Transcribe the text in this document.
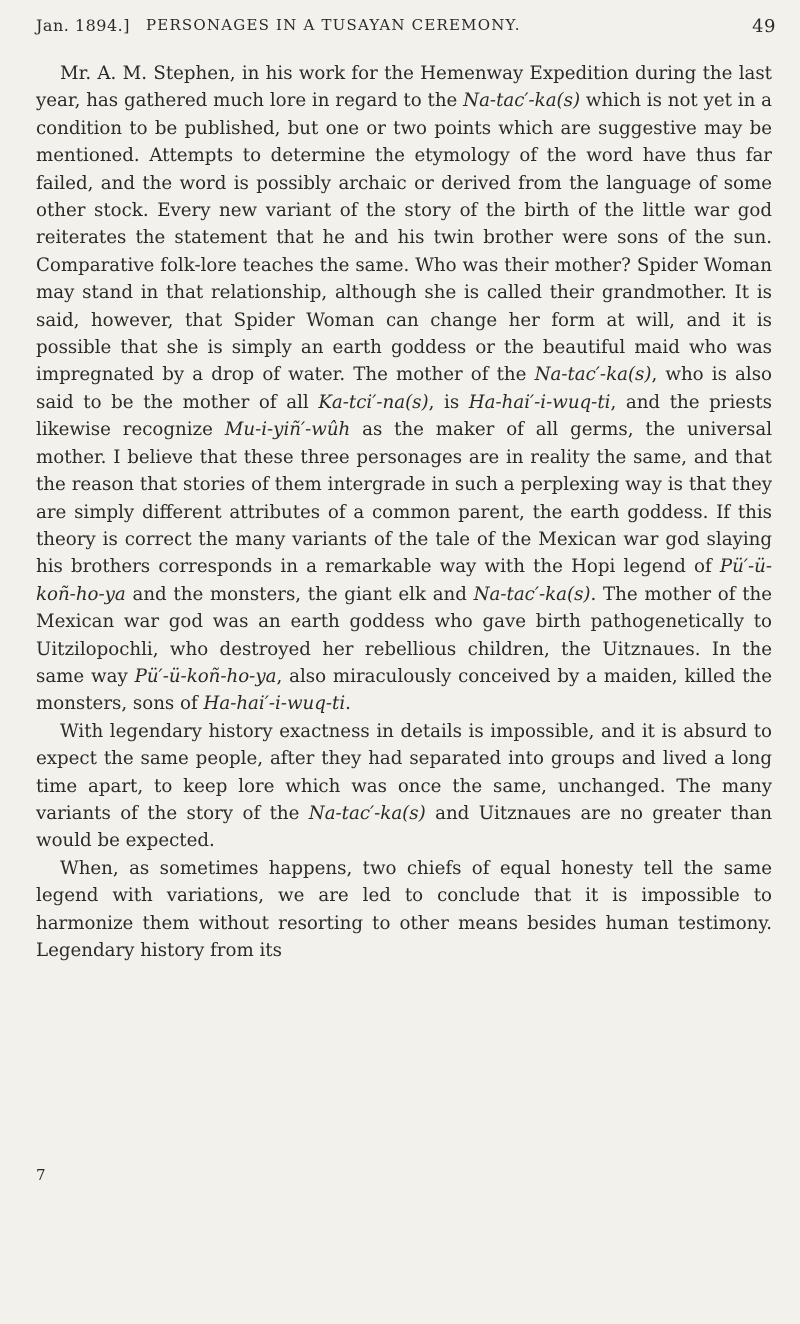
Jan. 1894.] PERSONAGES IN A TUSAYAN CEREMONY.	49

Mr. A. M. Stephen, in his work for the Hemenway Expedition during the last year, has gathered much lore in regard to the Na-tac′-ka(s) which is not yet in a condition to be published, but one or two points which are suggestive may be mentioned. Attempts to determine the etymology of the word have thus far failed, and the word is possibly archaic or derived from the language of some other stock. Every new variant of the story of the birth of the little war god reiterates the statement that he and his twin brother were sons of the sun. Comparative folk-lore teaches the same. Who was their mother? Spider Woman may stand in that relationship, although she is called their grandmother. It is said, however, that Spider Woman can change her form at will, and it is possible that she is simply an earth goddess or the beautiful maid who was impregnated by a drop of water. The mother of the Na-tac′-ka(s), who is also said to be the mother of all Ka-tci′-na(s), is Ha-hai′-i-wuq-ti, and the priests likewise recognize Mu-i-yiñ′-wûh as the maker of all germs, the universal mother. I believe that these three personages are in reality the same, and that the reason that stories of them intergrade in such a perplexing way is that they are simply different attributes of a common parent, the earth goddess. If this theory is correct the many variants of the tale of the Mexican war god slaying his brothers corresponds in a remarkable way with the Hopi legend of Pü′-ü-koñ-ho-ya and the monsters, the giant elk and Na-tac′-ka(s). The mother of the Mexican war god was an earth goddess who gave birth pathogenetically to Uitzilopochli, who destroyed her rebellious children, the Uitznaues. In the same way Pü′-ü-koñ-ho-ya, also miraculously conceived by a maiden, killed the monsters, sons of Ha-hai′-i-wuq-ti.

With legendary history exactness in details is impossible, and it is absurd to expect the same people, after they had separated into groups and lived a long time apart, to keep lore which was once the same, unchanged. The many variants of the story of the Na-tac′-ka(s) and Uitznaues are no greater than would be expected.

When, as sometimes happens, two chiefs of equal honesty tell the same legend with variations, we are led to conclude that it is impossible to harmonize them without resorting to other means besides human testimony. Legendary history from its

7
